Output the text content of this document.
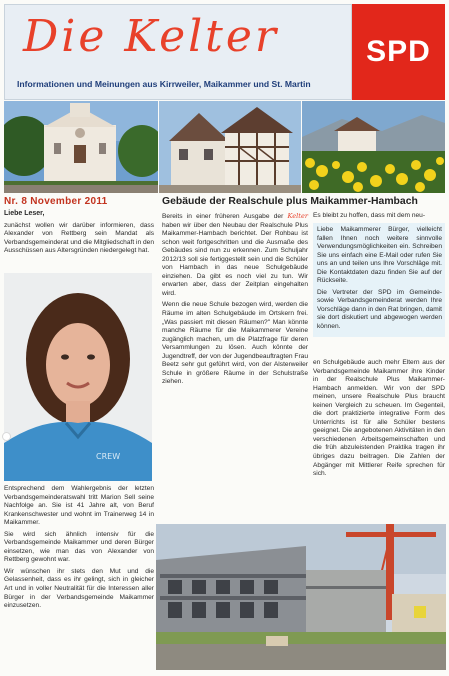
Die Kelter
Informationen und Meinungen aus Kirrweiler, Maikammer und St. Martin
SPD
Nr. 8 November 2011	Gebäude der Realschule plus Maikammer-Hambach

Liebe Leser,

zunächst wollen wir darüber informieren, dass Alexander von Rettberg sein Mandat als Verbandsgemeinderat und die Mitgliedschaft in den Ausschüssen aus Altersgründen niedergelegt hat.

CREW

Entsprechend dem Wahlergebnis der letzten Verbandsgemeinderatswahl tritt Marion Sell seine Nachfolge an. Sie ist 41 Jahre alt, von Beruf Krankenschwester und wohnt im Trainerweg 14 in Maikammer.

Sie wird sich ähnlich intensiv für die Verbandsgemeinde Maikammer und deren Bürger einsetzen, wie man das von Alexander von Rettberg gewohnt war.

Wir wünschen ihr stets den Mut und die Gelassenheit, dass es ihr gelingt, sich in gleicher Art und in voller Neutralität für die Interessen aller Bürger in der Verbandsgemeinde Maikammer einzusetzen.

Bereits in einer früheren Ausgabe der Kelter haben wir über den Neubau der Realschule Plus Maikammer-Hambach berichtet. Der Rohbau ist schon weit fortgeschritten und die Ausmaße des Gebäudes sind nun zu erkennen. Zum Schuljahr 2012/13 soll sie fertiggestellt sein und die Schüler von Hambach in das neue Schulgebäude einziehen. Da gibt es noch viel zu tun. Wir erwarten aber, dass der Zeitplan eingehalten wird.

Wenn die neue Schule bezogen wird, werden die Räume im alten Schulgebäude im Ortskern frei. „Was passiert mit diesen Räumen?" Man könnte manche Räume für die Maikammerer Vereine zugänglich machen, um die Platzfrage für deren Versammlungen zu lösen. Auch könnte der Jugendtreff, der von der Jugendbeauftragten Frau Beetz sehr gut geführt wird, von der Alsterweiler Schule in größere Räume in der Schulstraße ziehen.

Es bleibt zu hoffen, dass mit dem neu-

Liebe Maikammerer Bürger, vielleicht fallen Ihnen noch weitere sinnvolle Verwendungsmöglichkeiten ein. Schreiben Sie uns einfach eine E-Mail oder rufen Sie uns an und teilen uns Ihre Vorschläge mit. Die Kontaktdaten dazu finden Sie auf der Rückseite.

Die Vertreter der SPD im Gemeinde- sowie Verbandsgemeinderat werden Ihre Vorschläge dann in den Rat bringen, damit sie dort diskutiert und abgewogen werden können.

en Schulgebäude auch mehr Eltern aus der Verbandsgemeinde Maikammer ihre Kinder in der Realschule Plus Maikammer-Hambach anmelden. Wir von der SPD meinen, unsere Realschule Plus braucht keinen Vergleich zu scheuen. Im Gegenteil, die dort praktizierte integrative Form des Unterrichts ist für alle Schüler bestens geeignet. Die angebotenen Aktivitäten in den verschiedenen Arbeitsgemeinschaften und die früh abzuleistenden Praktika tragen ihr übriges dazu beitragen. Die Zahlen der Abgänger mit Mittlerer Reife sprechen für sich.
